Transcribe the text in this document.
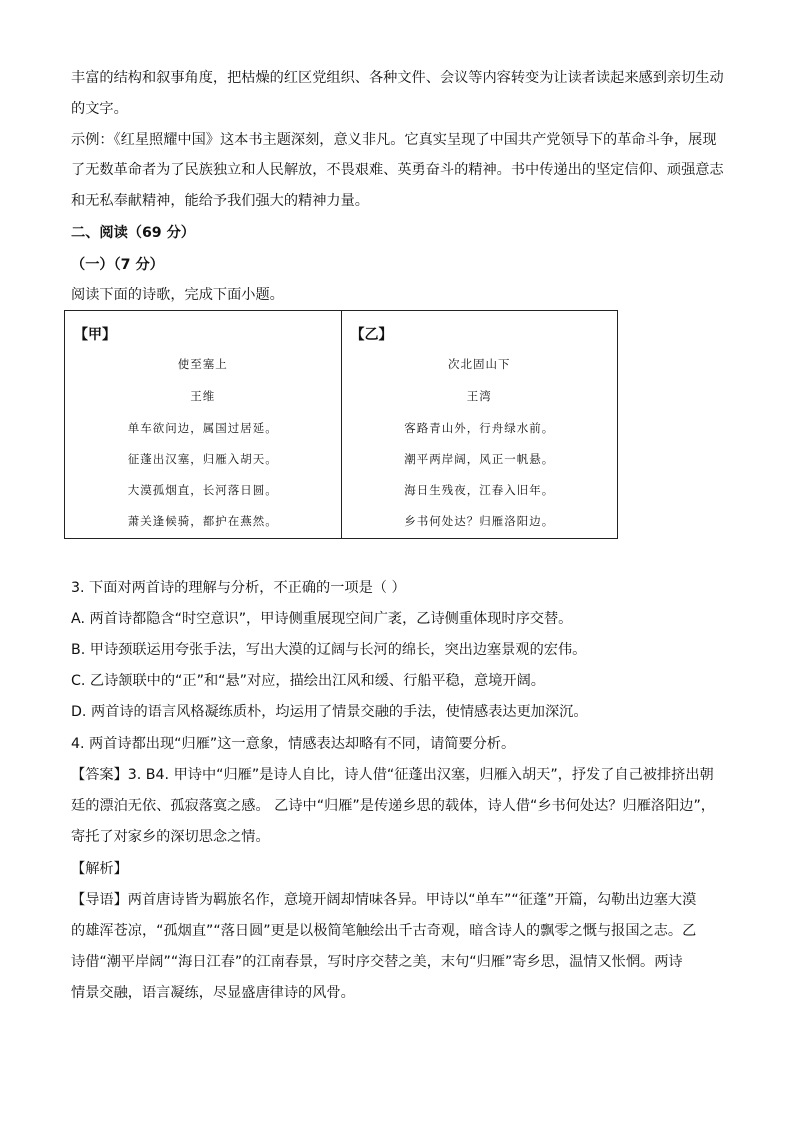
丰富的结构和叙事角度，把枯燥的红区党组织、各种文件、会议等内容转变为让读者读起来感到亲切生动
的文字。
示例：《红星照耀中国》这本书主题深刻，意义非凡。它真实呈现了中国共产党领导下的革命斗争，展现
了无数革命者为了民族独立和人民解放，不畏艰难、英勇奋斗的精神。书中传递出的坚定信仰、顽强意志
和无私奉献精神，能给予我们强大的精神力量。
二、阅读（69 分）
（一）（7 分）
阅读下面的诗歌，完成下面小题。
【甲】
使至塞上
王维
单车欲问边，属国过居延。
征蓬出汉塞，归雁入胡天。
大漠孤烟直，长河落日圆。
萧关逢候骑，都护在燕然。
【乙】
次北固山下
王湾
客路青山外，行舟绿水前。
潮平两岸阔，风正一帆悬。
海日生残夜，江春入旧年。
乡书何处达？归雁洛阳边。
3. 下面对两首诗的理解与分析，不正确的一项是（ ）
A. 两首诗都隐含“时空意识”，甲诗侧重展现空间广袤，乙诗侧重体现时序交替。
B. 甲诗颈联运用夸张手法，写出大漠的辽阔与长河的绵长，突出边塞景观的宏伟。
C. 乙诗颔联中的“正”和“悬”对应，描绘出江风和缓、行船平稳，意境开阔。
D. 两首诗的语言风格凝练质朴，均运用了情景交融的手法，使情感表达更加深沉。
4. 两首诗都出现“归雁”这一意象，情感表达却略有不同，请简要分析。
【答案】3. B4. 甲诗中“归雁”是诗人自比，诗人借“征蓬出汉塞，归雁入胡天”，抒发了自己被排挤出朝
廷的漂泊无依、孤寂落寞之感。 乙诗中“归雁”是传递乡思的载体，诗人借“乡书何处达？归雁洛阳边”，
寄托了对家乡的深切思念之情。
【解析】
【导语】两首唐诗皆为羁旅名作，意境开阔却情味各异。甲诗以“单车”“征蓬”开篇，勾勒出边塞大漠
的雄浑苍凉，“孤烟直”“落日圆”更是以极简笔触绘出千古奇观，暗含诗人的飘零之慨与报国之志。乙
诗借“潮平岸阔”“海日江春”的江南春景，写时序交替之美，末句“归雁”寄乡思，温情又怅惘。两诗
情景交融，语言凝练，尽显盛唐律诗的风骨。
